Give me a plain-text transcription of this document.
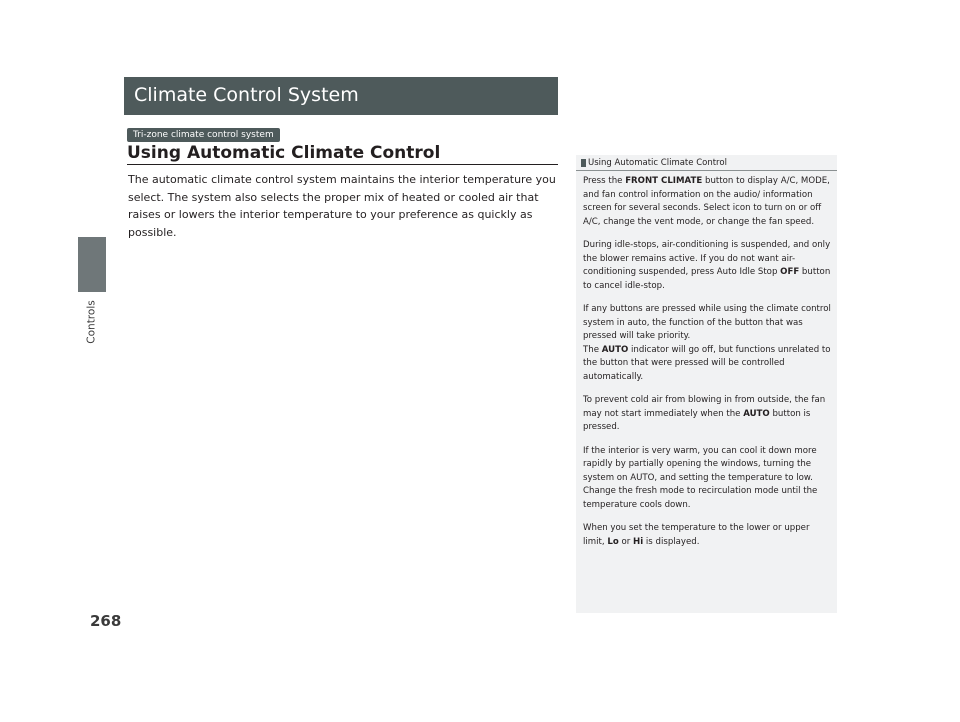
Controls
Climate Control System
Tri-zone climate control system
Using Automatic Climate Control

The automatic climate control system maintains the interior temperature you select. The system also selects the proper mix of heated or cooled air that raises or lowers the interior temperature to your preference as quickly as possible.

Using Automatic Climate Control

Press the FRONT CLIMATE button to display A/C, MODE, and fan control information on the audio/ information screen for several seconds. Select icon to turn on or off A/C, change the vent mode, or change the fan speed.

During idle-stops, air-conditioning is suspended, and only the blower remains active. If you do not want air-conditioning suspended, press Auto Idle Stop OFF button to cancel idle-stop.

If any buttons are pressed while using the climate control system in auto, the function of the button that was pressed will take priority.
The AUTO indicator will go off, but functions unrelated to the button that were pressed will be controlled automatically.

To prevent cold air from blowing in from outside, the fan may not start immediately when the AUTO button is pressed.

If the interior is very warm, you can cool it down more rapidly by partially opening the windows, turning the system on AUTO, and setting the temperature to low. Change the fresh mode to recirculation mode until the temperature cools down.

When you set the temperature to the lower or upper limit, Lo or Hi is displayed.

268
